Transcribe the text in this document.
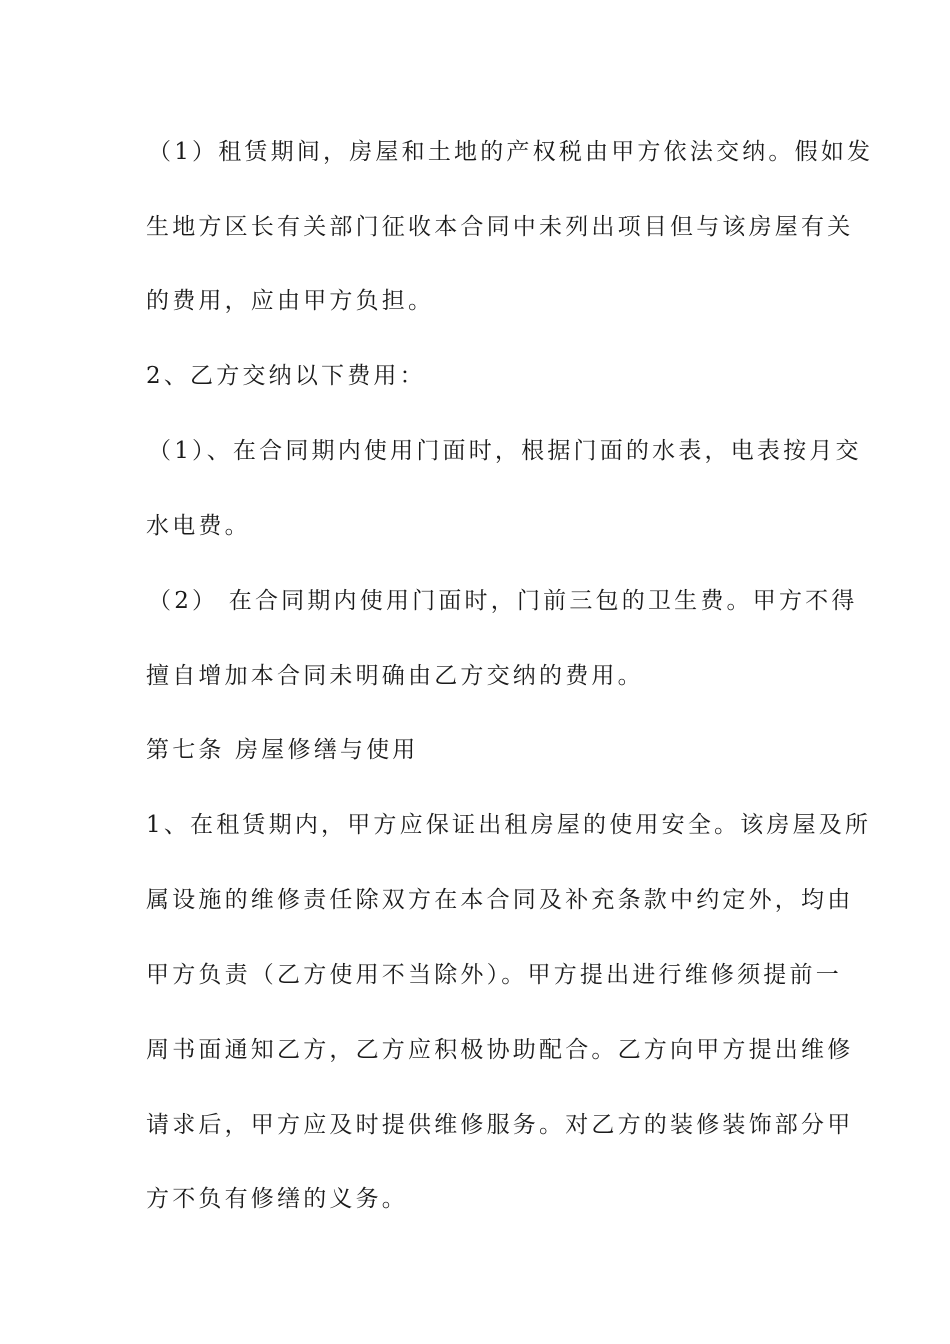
（1）租赁期间，房屋和土地的产权税由甲方依法交纳。假如发

生地方区长有关部门征收本合同中未列出项目但与该房屋有关

的费用，应由甲方负担。

2、乙方交纳以下费用：

（1）、在合同期内使用门面时，根据门面的水表，电表按月交

水电费。

（2） 在合同期内使用门面时，门前三包的卫生费。甲方不得

擅自增加本合同未明确由乙方交纳的费用。

第七条 房屋修缮与使用

1、在租赁期内，甲方应保证出租房屋的使用安全。该房屋及所

属设施的维修责任除双方在本合同及补充条款中约定外，均由

甲方负责（乙方使用不当除外）。甲方提出进行维修须提前一

周书面通知乙方，乙方应积极协助配合。乙方向甲方提出维修

请求后，甲方应及时提供维修服务。对乙方的装修装饰部分甲

方不负有修缮的义务。
